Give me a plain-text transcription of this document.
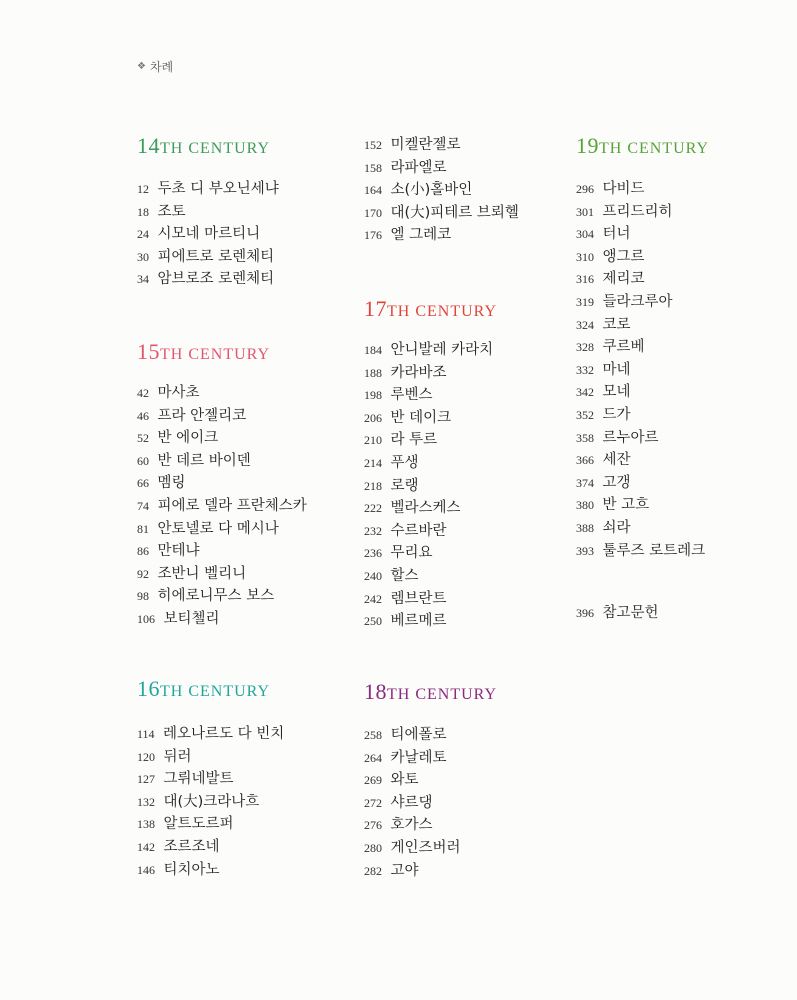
❖ 차례
14TH CENTURY
12 두초 디 부오닌세냐
18 조토
24 시모네 마르티니
30 피에트로 로렌체티
34 암브로조 로렌체티
15TH CENTURY
42 마사초
46 프라 안젤리코
52 반 에이크
60 반 데르 바이덴
66 멤링
74 피에로 델라 프란체스카
81 안토넬로 다 메시나
86 만테냐
92 조반니 벨리니
98 히에로니무스 보스
106 보티첼리
152 미켈란젤로
158 라파엘로
164 소(小)홀바인
170 대(大)피테르 브뢰헬
176 엘 그레코
16TH CENTURY
114 레오나르도 다 빈치
120 뒤러
127 그뤼네발트
132 대(大)크라나흐
138 알트도르퍼
142 조르조네
146 티치아노
17TH CENTURY
184 안니발레 카라치
188 카라바조
198 루벤스
206 반 데이크
210 라 투르
214 푸생
218 로랭
222 벨라스케스
232 수르바란
236 무리요
240 할스
242 렘브란트
250 베르메르
18TH CENTURY
258 티에폴로
264 카날레토
269 와토
272 샤르댕
276 호가스
280 게인즈버러
282 고야
19TH CENTURY
296 다비드
301 프리드리히
304 터너
310 앵그르
316 제리코
319 들라크루아
324 코로
328 쿠르베
332 마네
342 모네
352 드가
358 르누아르
366 세잔
374 고갱
380 반 고흐
388 쇠라
393 툴루즈 로트레크
396 참고문헌
